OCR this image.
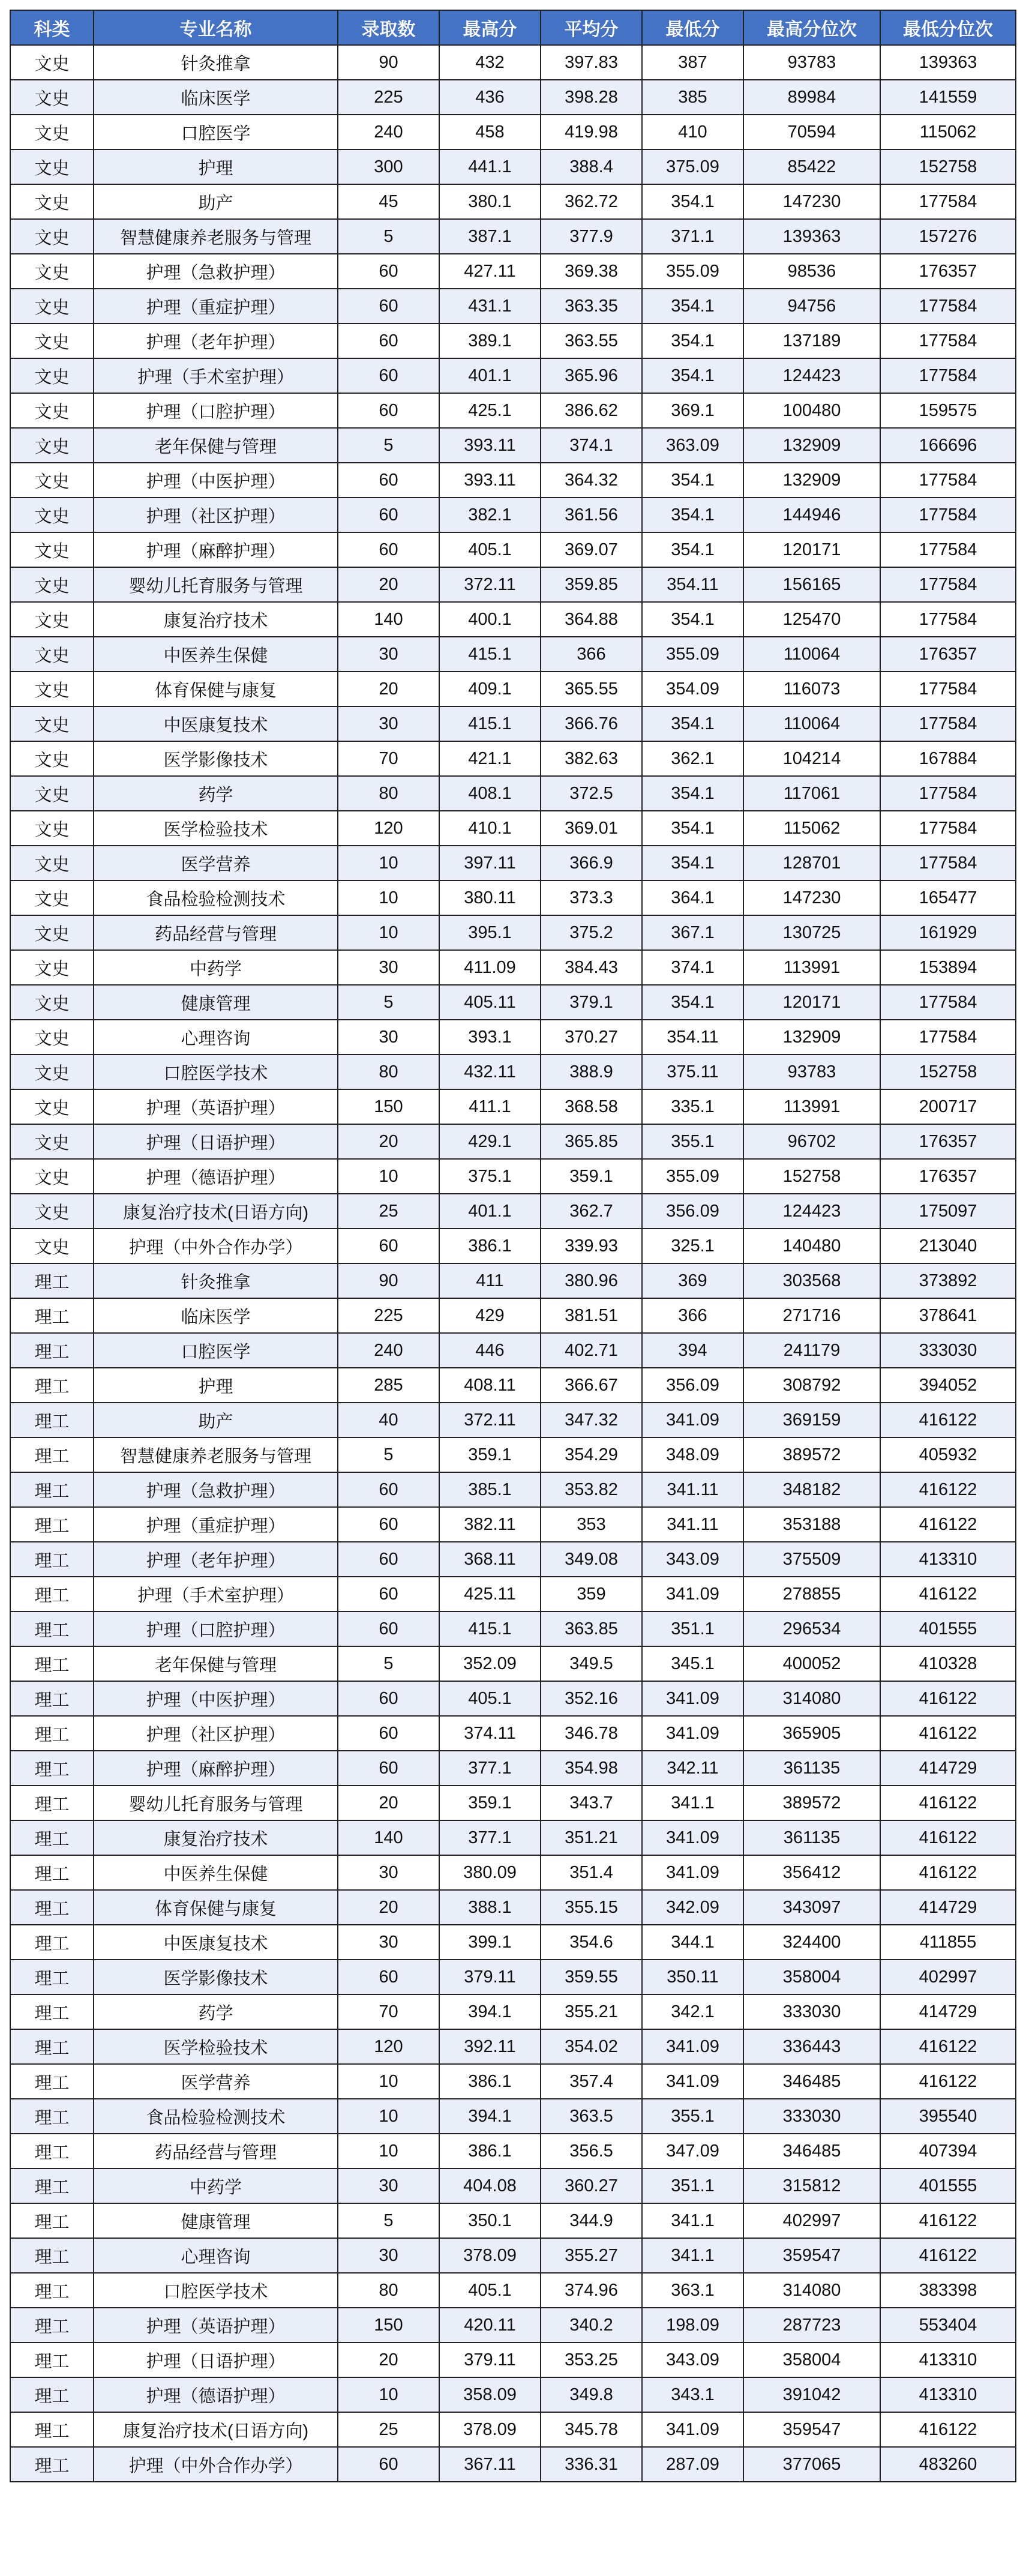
科类	专业名称	录取数	最高分	平均分	最低分	最高分位次	最低分位次
文史	针灸推拿	90	432	397.83	387	93783	139363
文史	临床医学	225	436	398.28	385	89984	141559
文史	口腔医学	240	458	419.98	410	70594	115062
文史	护理	300	441.1	388.4	375.09	85422	152758
文史	助产	45	380.1	362.72	354.1	147230	177584
文史	智慧健康养老服务与管理	5	387.1	377.9	371.1	139363	157276
文史	护理（急救护理）	60	427.11	369.38	355.09	98536	176357
文史	护理（重症护理）	60	431.1	363.35	354.1	94756	177584
文史	护理（老年护理）	60	389.1	363.55	354.1	137189	177584
文史	护理（手术室护理）	60	401.1	365.96	354.1	124423	177584
文史	护理（口腔护理）	60	425.1	386.62	369.1	100480	159575
文史	老年保健与管理	5	393.11	374.1	363.09	132909	166696
文史	护理（中医护理）	60	393.11	364.32	354.1	132909	177584
文史	护理（社区护理）	60	382.1	361.56	354.1	144946	177584
文史	护理（麻醉护理）	60	405.1	369.07	354.1	120171	177584
文史	婴幼儿托育服务与管理	20	372.11	359.85	354.11	156165	177584
文史	康复治疗技术	140	400.1	364.88	354.1	125470	177584
文史	中医养生保健	30	415.1	366	355.09	110064	176357
文史	体育保健与康复	20	409.1	365.55	354.09	116073	177584
文史	中医康复技术	30	415.1	366.76	354.1	110064	177584
文史	医学影像技术	70	421.1	382.63	362.1	104214	167884
文史	药学	80	408.1	372.5	354.1	117061	177584
文史	医学检验技术	120	410.1	369.01	354.1	115062	177584
文史	医学营养	10	397.11	366.9	354.1	128701	177584
文史	食品检验检测技术	10	380.11	373.3	364.1	147230	165477
文史	药品经营与管理	10	395.1	375.2	367.1	130725	161929
文史	中药学	30	411.09	384.43	374.1	113991	153894
文史	健康管理	5	405.11	379.1	354.1	120171	177584
文史	心理咨询	30	393.1	370.27	354.11	132909	177584
文史	口腔医学技术	80	432.11	388.9	375.11	93783	152758
文史	护理（英语护理）	150	411.1	368.58	335.1	113991	200717
文史	护理（日语护理）	20	429.1	365.85	355.1	96702	176357
文史	护理（德语护理）	10	375.1	359.1	355.09	152758	176357
文史	康复治疗技术(日语方向)	25	401.1	362.7	356.09	124423	175097
文史	护理（中外合作办学）	60	386.1	339.93	325.1	140480	213040
理工	针灸推拿	90	411	380.96	369	303568	373892
理工	临床医学	225	429	381.51	366	271716	378641
理工	口腔医学	240	446	402.71	394	241179	333030
理工	护理	285	408.11	366.67	356.09	308792	394052
理工	助产	40	372.11	347.32	341.09	369159	416122
理工	智慧健康养老服务与管理	5	359.1	354.29	348.09	389572	405932
理工	护理（急救护理）	60	385.1	353.82	341.11	348182	416122
理工	护理（重症护理）	60	382.11	353	341.11	353188	416122
理工	护理（老年护理）	60	368.11	349.08	343.09	375509	413310
理工	护理（手术室护理）	60	425.11	359	341.09	278855	416122
理工	护理（口腔护理）	60	415.1	363.85	351.1	296534	401555
理工	老年保健与管理	5	352.09	349.5	345.1	400052	410328
理工	护理（中医护理）	60	405.1	352.16	341.09	314080	416122
理工	护理（社区护理）	60	374.11	346.78	341.09	365905	416122
理工	护理（麻醉护理）	60	377.1	354.98	342.11	361135	414729
理工	婴幼儿托育服务与管理	20	359.1	343.7	341.1	389572	416122
理工	康复治疗技术	140	377.1	351.21	341.09	361135	416122
理工	中医养生保健	30	380.09	351.4	341.09	356412	416122
理工	体育保健与康复	20	388.1	355.15	342.09	343097	414729
理工	中医康复技术	30	399.1	354.6	344.1	324400	411855
理工	医学影像技术	60	379.11	359.55	350.11	358004	402997
理工	药学	70	394.1	355.21	342.1	333030	414729
理工	医学检验技术	120	392.11	354.02	341.09	336443	416122
理工	医学营养	10	386.1	357.4	341.09	346485	416122
理工	食品检验检测技术	10	394.1	363.5	355.1	333030	395540
理工	药品经营与管理	10	386.1	356.5	347.09	346485	407394
理工	中药学	30	404.08	360.27	351.1	315812	401555
理工	健康管理	5	350.1	344.9	341.1	402997	416122
理工	心理咨询	30	378.09	355.27	341.1	359547	416122
理工	口腔医学技术	80	405.1	374.96	363.1	314080	383398
理工	护理（英语护理）	150	420.11	340.2	198.09	287723	553404
理工	护理（日语护理）	20	379.11	353.25	343.09	358004	413310
理工	护理（德语护理）	10	358.09	349.8	343.1	391042	413310
理工	康复治疗技术(日语方向)	25	378.09	345.78	341.09	359547	416122
理工	护理（中外合作办学）	60	367.11	336.31	287.09	377065	483260
